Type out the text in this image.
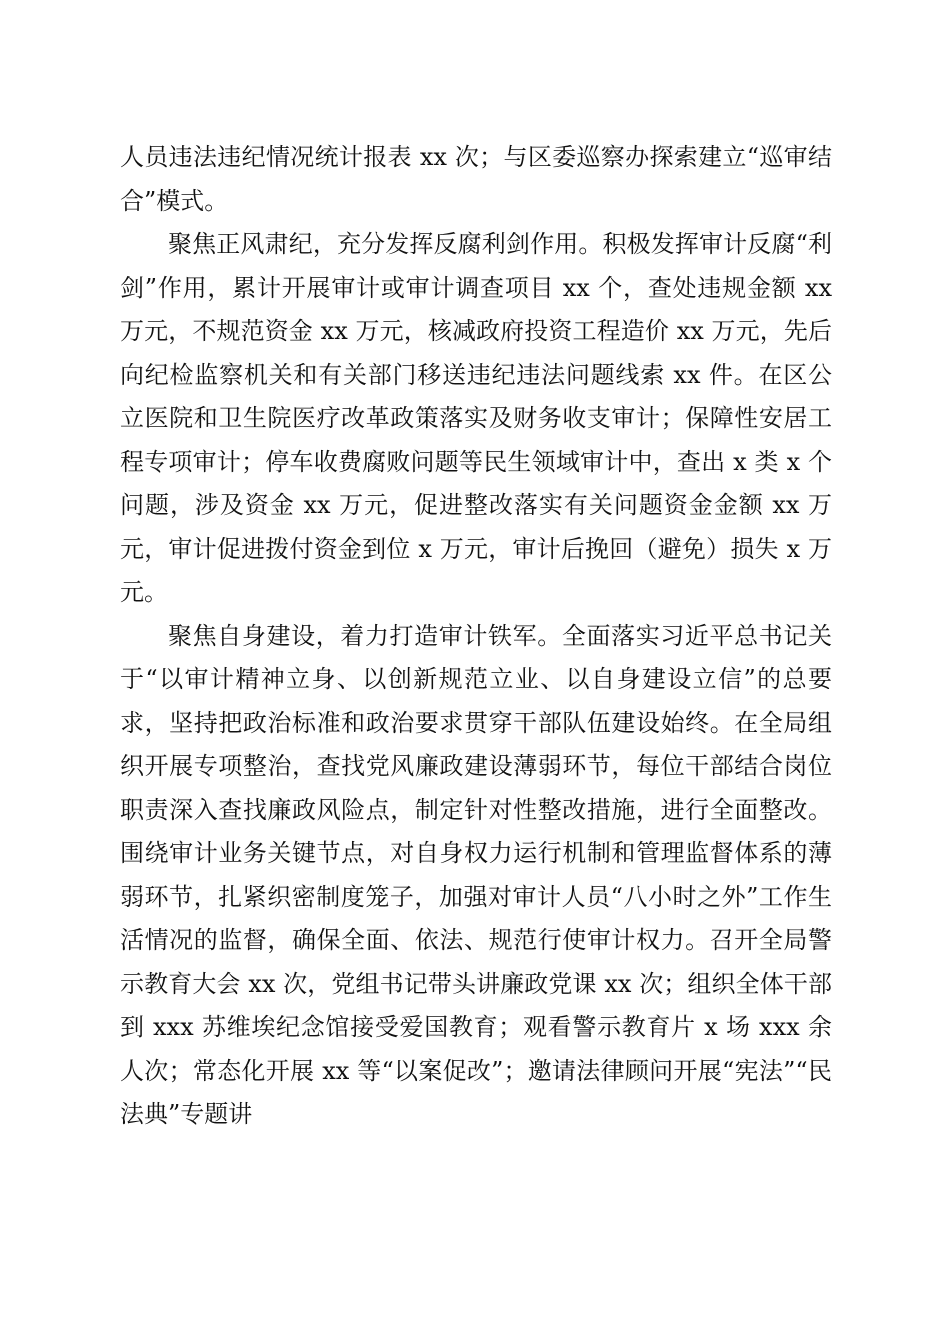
人员违法违纪情况统计报表 xx 次；与区委巡察办探索建立“巡审结合”模式。

聚焦正风肃纪，充分发挥反腐利剑作用。积极发挥审计反腐“利剑”作用，累计开展审计或审计调查项目 xx 个，查处违规金额 xx 万元，不规范资金 xx 万元，核减政府投资工程造价 xx 万元，先后向纪检监察机关和有关部门移送违纪违法问题线索 xx 件。在区公立医院和卫生院医疗改革政策落实及财务收支审计；保障性安居工程专项审计；停车收费腐败问题等民生领域审计中，查出 x 类 x 个问题，涉及资金 xx 万元，促进整改落实有关问题资金金额 xx 万元，审计促进拨付资金到位 x 万元，审计后挽回（避免）损失 x 万元。

聚焦自身建设，着力打造审计铁军。全面落实习近平总书记关于“以审计精神立身、以创新规范立业、以自身建设立信”的总要求，坚持把政治标准和政治要求贯穿干部队伍建设始终。在全局组织开展专项整治，查找党风廉政建设薄弱环节，每位干部结合岗位职责深入查找廉政风险点，制定针对性整改措施，进行全面整改。围绕审计业务关键节点，对自身权力运行机制和管理监督体系的薄弱环节，扎紧织密制度笼子，加强对审计人员“八小时之外”工作生活情况的监督，确保全面、依法、规范行使审计权力。召开全局警示教育大会 xx 次，党组书记带头讲廉政党课 xx 次；组织全体干部到 xxx 苏维埃纪念馆接受爱国教育；观看警示教育片 x 场 xxx 余人次；常态化开展 xx 等“以案促改”；邀请法律顾问开展“宪法”“民法典”专题讲
